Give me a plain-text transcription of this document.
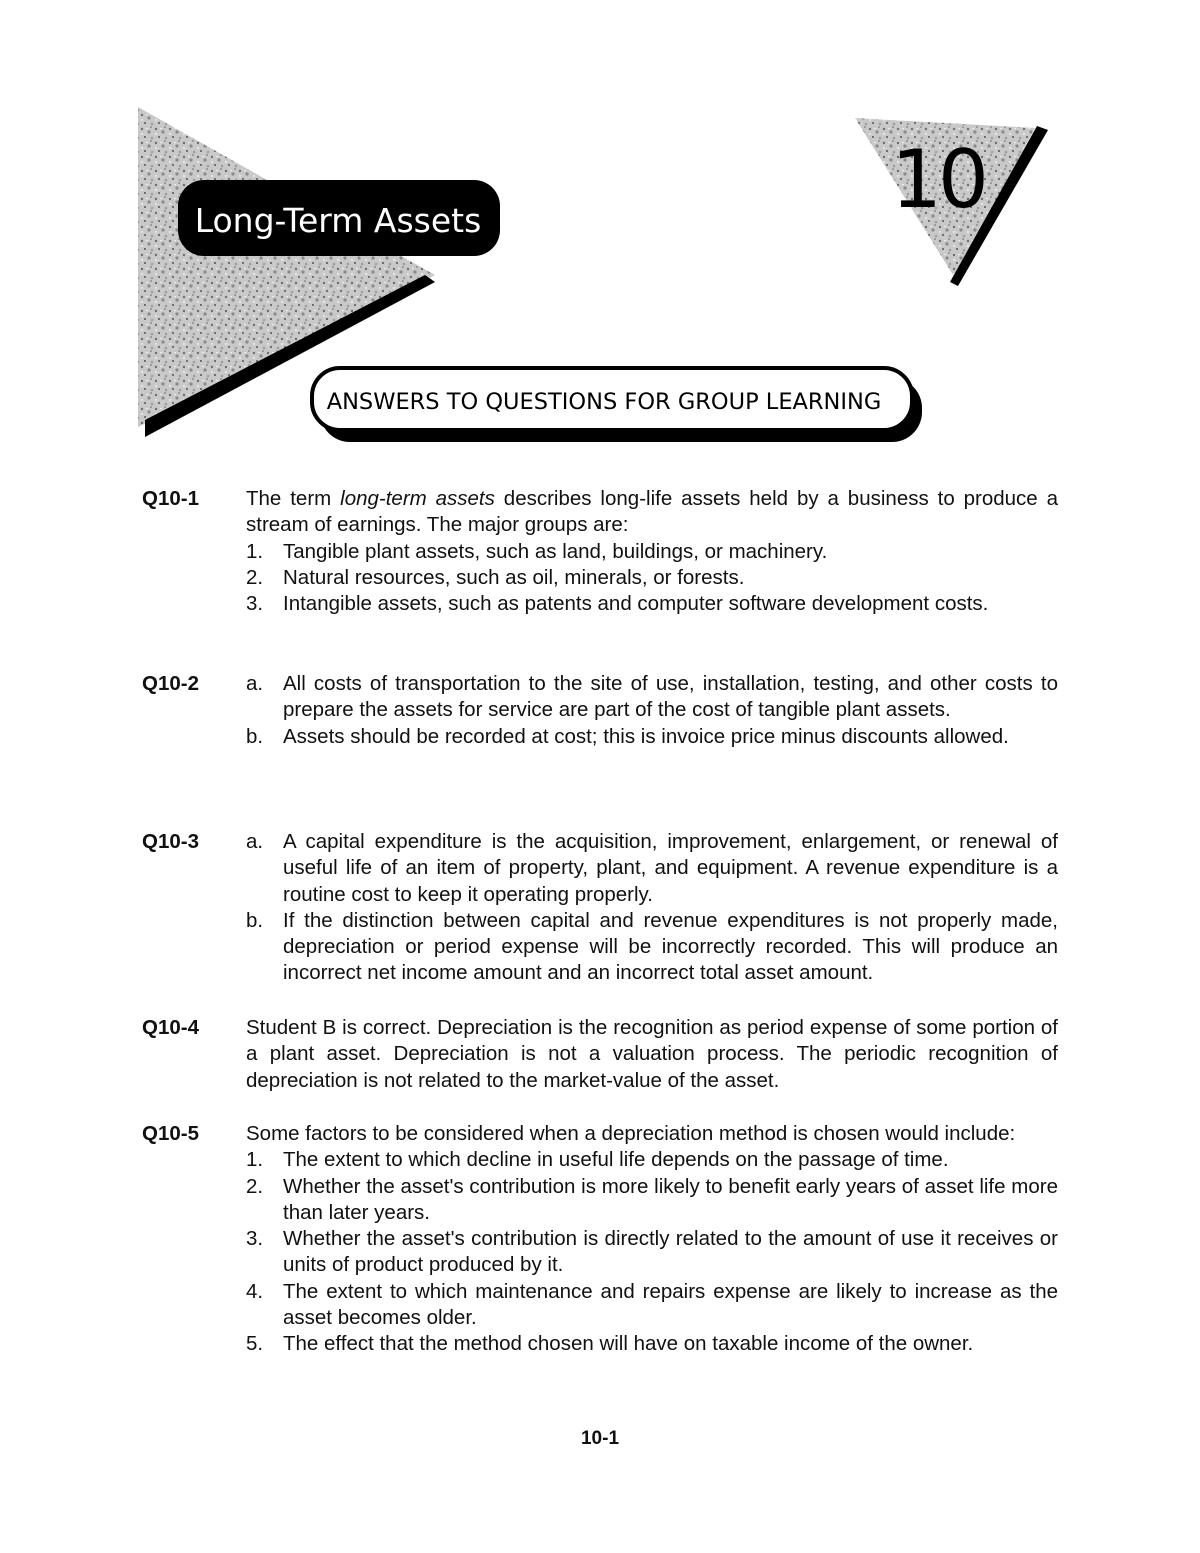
Long-Term Assets	10
ANSWERS TO QUESTIONS FOR GROUP LEARNING
Q10-1 The term long-term assets describes long-life assets held by a business to produce a stream of earnings. The major groups are:

1. Tangible plant assets, such as land, buildings, or machinery.
2. Natural resources, such as oil, minerals, or forests.
3. Intangible assets, such as patents and computer software development costs.
Q10-2 a. All costs of transportation to the site of use, installation, testing, and other costs to prepare the assets for service are part of the cost of tangible plant assets.
b. Assets should be recorded at cost; this is invoice price minus discounts allowed.
Q10-3 a. A capital expenditure is the acquisition, improvement, enlargement, or renewal of useful life of an item of property, plant, and equipment. A revenue expenditure is a routine cost to keep it operating properly.
b. If the distinction between capital and revenue expenditures is not properly made, depreciation or period expense will be incorrectly recorded. This will produce an incorrect net income amount and an incorrect total asset amount.
Q10-4 Student B is correct. Depreciation is the recognition as period expense of some portion of a plant asset. Depreciation is not a valuation process. The periodic recognition of depreciation is not related to the market-value of the asset.

Q10-5 Some factors to be considered when a depreciation method is chosen would include:

1. The extent to which decline in useful life depends on the passage of time.
2. Whether the asset's contribution is more likely to benefit early years of asset life more than later years.
3. Whether the asset's contribution is directly related to the amount of use it receives or units of product produced by it.
4. The extent to which maintenance and repairs expense are likely to increase as the asset becomes older.
5. The effect that the method chosen will have on taxable income of the owner.
10-1
